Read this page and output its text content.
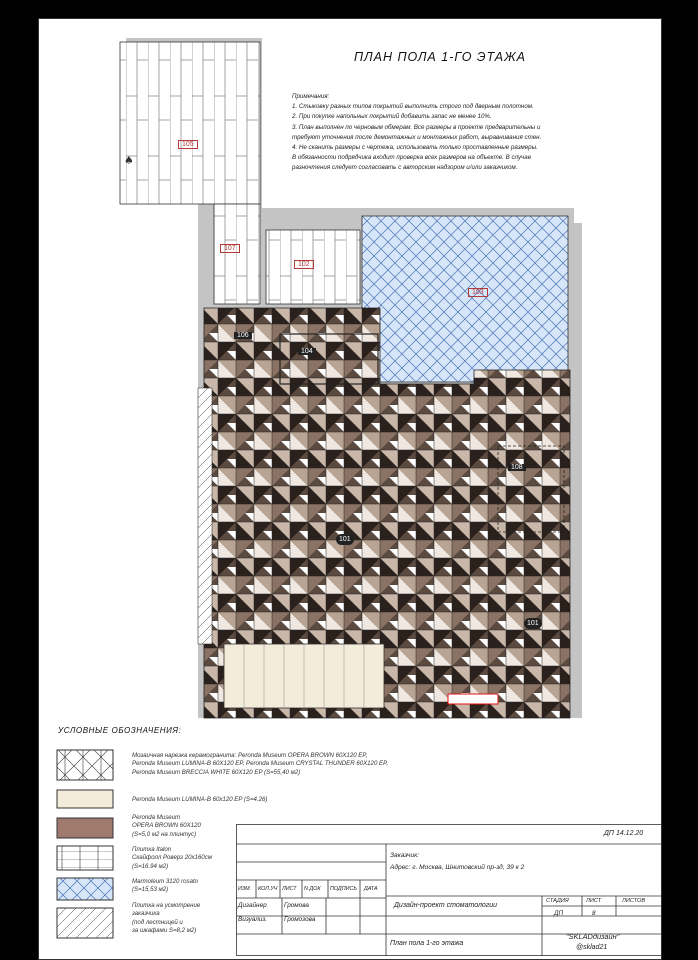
ПЛАН ПОЛА 1-ГО ЭТАЖА
Примечания:
1. Стыковку разных типов покрытий выполнить строго под дверным полотном.
2. При покупке напольных покрытий добавить запас не менее 10%.
3. План выполнен по черновым обмерам. Все размеры в проекте предварительны и
требуют уточнения после демонтажных и монтажных работ, выравнивания стен.
4. Не сканить размеры с чертежа, использовать только проставленные размеры.
В обязанности подрядчика входит проверка всех размеров на объекте. В случае
разночтения следует согласовать с авторским надзором и/или заказчиком.
♠
105
107
102
103
106
104
101
108
101
УСЛОВНЫЕ ОБОЗНАЧЕНИЯ:
Мозаичная нарезка керамогранита: Peronda Museum OPERA BROWN 60X120 EP,
Peronda Museum LUMINA-B 60X120 EP, Peronda Museum CRYSTAL THUNDER 60X120 EP,
Peronda Museum BRECCIA WHITE 60X120 EP (S=55,40 м2)
Peronda Museum LUMINA-B 60x120 EP (S=4.26)
Peronda Museum
OPERA BROWN 60X120
(S=5,0 м2 на плинтус)
Плитка Italon
Скайфолл Роверз 20х160см
(S=16.94 м2)
Marmoleum 3120 rosato
(S=15,53 м2)
Плитка на усмотрение
заказчика
(под лестницей и
за шкафами S=8,2 м2)
ДП 14.12.20
ИЗМ. КОЛ.УЧ ЛИСТ N ДОК ПОДПИСЬ ДАТА
Дизайнер	Громова
Визуализ.	Громозова
Заказчик:
Адрес: г. Москва, Шнитовский пр-зд, 39 к 2
Дизайн-проект стоматологии
СТАДИЯ	ЛИСТ	ЛИСТОВ
ДП	8
План пола 1-го этажа
"SKLADдизайн"
@sklad21
